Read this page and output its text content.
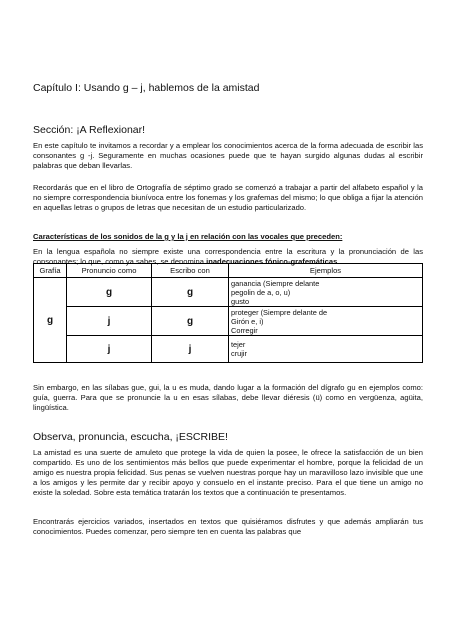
Capítulo I: Usando g – j, hablemos de la amistad
Sección: ¡A Reflexionar!
En este capítulo te invitamos a recordar y a emplear los conocimientos acerca de la forma adecuada de escribir las consonantes g -j. Seguramente en muchas ocasiones puede que te hayan surgido algunas dudas al escribir palabras que deban llevarlas.
Recordarás que en el libro de Ortografía de séptimo grado se comenzó a trabajar a partir del alfabeto español y la no siempre correspondencia biunívoca entre los fonemas y los grafemas del mismo; lo que obliga a fijar la atención en aquellas letras o grupos de letras que necesitan de un estudio particularizado.
Características de los sonidos de la g y la j en relación con las vocales que preceden:
En la lengua española no siempre existe una correspondencia entre la escritura y la pronunciación de las consonantes; lo que, como ya sabes, se denomina inadecuaciones fónico-grafemáticas.
Grafía	Pronuncio como	Escribo con	Ejemplos
g	g	g	ganancia (Siempre delante
pegolin de a, o, u)
gusto

	j	g	proteger (Siempre delante de
Girón e, i)
Corregir

	j	j	tejer
crujir
Sin embargo, en las sílabas gue, gui, la u es muda, dando lugar a la formación del dígrafo gu en ejemplos como: guía, guerra. Para que se pronuncie la u en esas sílabas, debe llevar diéresis (ü) como en vergüenza, agüita, lingüística.
Observa, pronuncia, escucha, ¡ESCRIBE!
La amistad es una suerte de amuleto que protege la vida de quien la posee, le ofrece la satisfacción de un bien compartido. Es uno de los sentimientos más bellos que puede experimentar el hombre, porque la felicidad de un amigo es nuestra propia felicidad. Sus penas se vuelven nuestras porque hay un maravilloso lazo invisible que une a los amigos y les permite dar y recibir apoyo y consuelo en el instante preciso. Para el que tiene un amigo no existe la soledad. Sobre esta temática tratarán los textos que a continuación te presentamos.
Encontrarás ejercicios variados, insertados en textos que quisiéramos disfrutes y que además ampliarán tus conocimientos. Puedes comenzar, pero siempre ten en cuenta las palabras que
